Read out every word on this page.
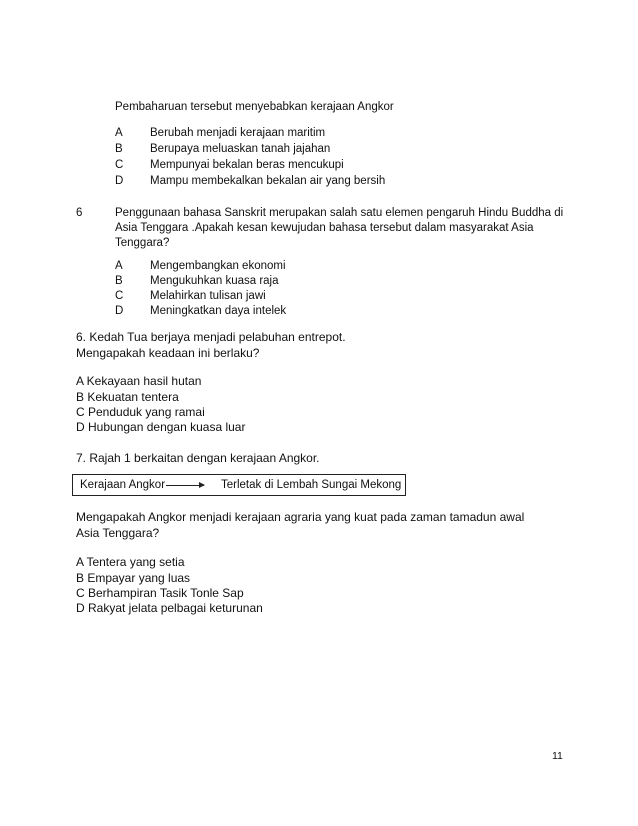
Pembaharuan tersebut menyebabkan kerajaan Angkor
A Berubah menjadi kerajaan maritim
B Berupaya meluaskan tanah jajahan
C Mempunyai bekalan beras mencukupi
D Mampu membekalkan bekalan air yang bersih
6	Penggunaan bahasa Sanskrit merupakan salah satu elemen pengaruh Hindu Buddha di
Asia Tenggara .Apakah kesan kewujudan bahasa tersebut dalam masyarakat Asia
Tenggara?
A Mengembangkan ekonomi
B Mengukuhkan kuasa raja
C Melahirkan tulisan jawi
D Meningkatkan daya intelek
6. Kedah Tua berjaya menjadi pelabuhan entrepot.
Mengapakah keadaan ini berlaku?
A Kekayaan hasil hutan
B Kekuatan tentera
C Penduduk yang ramai
D Hubungan dengan kuasa luar
7. Rajah 1 berkaitan dengan kerajaan Angkor.
Kerajaan Angkor	Terletak di Lembah Sungai Mekong
Mengapakah Angkor menjadi kerajaan agraria yang kuat pada zaman tamadun awal
Asia Tenggara?
A Tentera yang setia
B Empayar yang luas
C Berhampiran Tasik Tonle Sap
D Rakyat jelata pelbagai keturunan
11
